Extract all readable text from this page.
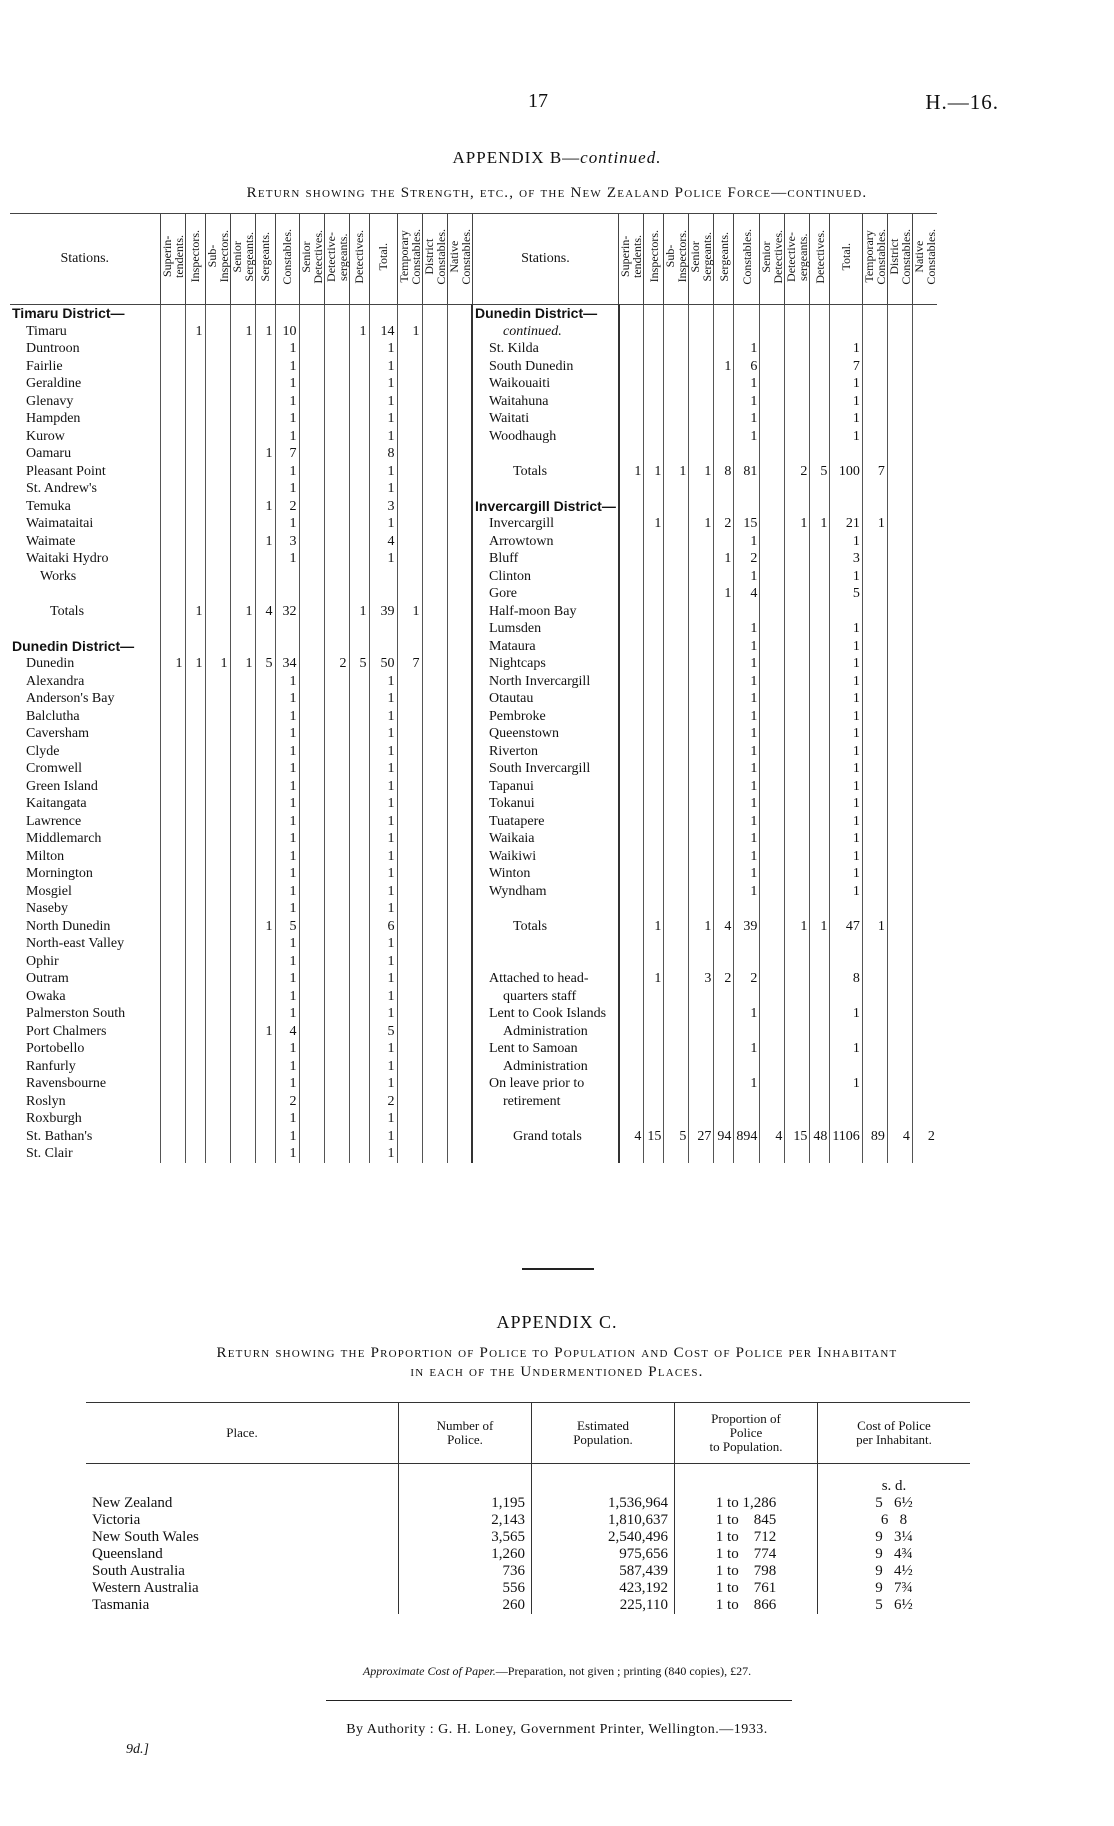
17	H.—16.
APPENDIX B—continued.
Return showing the Strength, etc., of the New Zealand Police Force—continued.
Stations.	Superin-
tendents.	Inspectors.	Sub-
Inspectors.	Senior
Sergeants.	Sergeants.	Constables.	Senior
Detectives.	Detective-
sergeants.	Detectives.	Total.	Temporary
Constables.	District
Constables.	Native
Constables.	Stations.	Superin-
tendents.	Inspectors.	Sub-
Inspectors.	Senior
Sergeants.	Sergeants.	Constables.	Senior
Detectives.	Detective-
sergeants.	Detectives.	Total.	Temporary
Constables.	District
Constables.	Native
Constables.
Timaru District—														Dunedin District—													
Timaru		1		1	1	10			1	14	1			continued.													
Duntroon						1				1				St. Kilda						1				1			
Fairlie						1				1				South Dunedin					1	6				7			
Geraldine						1				1				Waikouaiti						1				1			
Glenavy						1				1				Waitahuna						1				1			
Hampden						1				1				Waitati						1				1			
Kurow						1				1				Woodhaugh						1				1			
Oamaru					1	7				8																	
Pleasant Point						1				1				Totals	1	1	1	1	8	81		2	5	100	7		
St. Andrew's						1				1																	
Temuka					1	2				3				Invercargill District—													
Waimataitai						1				1				Invercargill		1		1	2	15		1	1	21	1		
Waimate					1	3				4				Arrowtown						1				1			
Waitaki Hydro						1				1				Bluff					1	2				3			
Works														Clinton						1				1			
														Gore					1	4				5			
Totals		1		1	4	32			1	39	1			Half-moon Bay													
														Lumsden						1				1			
Dunedin District—														Mataura						1				1			
Dunedin	1	1	1	1	5	34		2	5	50	7			Nightcaps						1				1			
Alexandra						1				1				North Invercargill						1				1			
Anderson's Bay						1				1				Otautau						1				1			
Balclutha						1				1				Pembroke						1				1			
Caversham						1				1				Queenstown						1				1			
Clyde						1				1				Riverton						1				1			
Cromwell						1				1				South Invercargill						1				1			
Green Island						1				1				Tapanui						1				1			
Kaitangata						1				1				Tokanui						1				1			
Lawrence						1				1				Tuatapere						1				1			
Middlemarch						1				1				Waikaia						1				1			
Milton						1				1				Waikiwi						1				1			
Mornington						1				1				Winton						1				1			
Mosgiel						1				1				Wyndham						1				1			
Naseby						1				1																	
North Dunedin					1	5				6				Totals		1		1	4	39		1	1	47	1		
North-east Valley						1				1																	
Ophir						1				1																	
Outram						1				1				Attached to head-		1		3	2	2				8			
Owaka						1				1				quarters staff													
Palmerston South						1				1				Lent to Cook Islands						1				1			
Port Chalmers					1	4				5				Administration													
Portobello						1				1				Lent to Samoan						1				1			
Ranfurly						1				1				Administration													
Ravensbourne						1				1				On leave prior to						1				1			
Roslyn						2				2				retirement													
Roxburgh						1				1																	
St. Bathan's						1				1				Grand totals	4	15	5	27	94	894	4	15	48	1106	89	4	2
St. Clair						1				1																	
APPENDIX C.
Return showing the Proportion of Police to Population and Cost of Police per Inhabitant
in each of the Undermentioned Places.
Place.	Number of
Police.	Estimated
Population.	Proportion of
Police
to Population.	Cost of Police
per Inhabitant.
				s. d.
New Zealand	1,195	1,536,964	1 to 1,286	5   6½
Victoria	2,143	1,810,637	1 to    845	6   8
New South Wales	3,565	2,540,496	1 to    712	9   3¼
Queensland	1,260	975,656	1 to    774	9   4¾
South Australia	736	587,439	1 to    798	9   4½
Western Australia	556	423,192	1 to    761	9   7¾
Tasmania	260	225,110	1 to    866	5   6½
Approximate Cost of Paper.—Preparation, not given ; printing (840 copies), £27.
By Authority : G. H. Loney, Government Printer, Wellington.—1933.
9d.]
